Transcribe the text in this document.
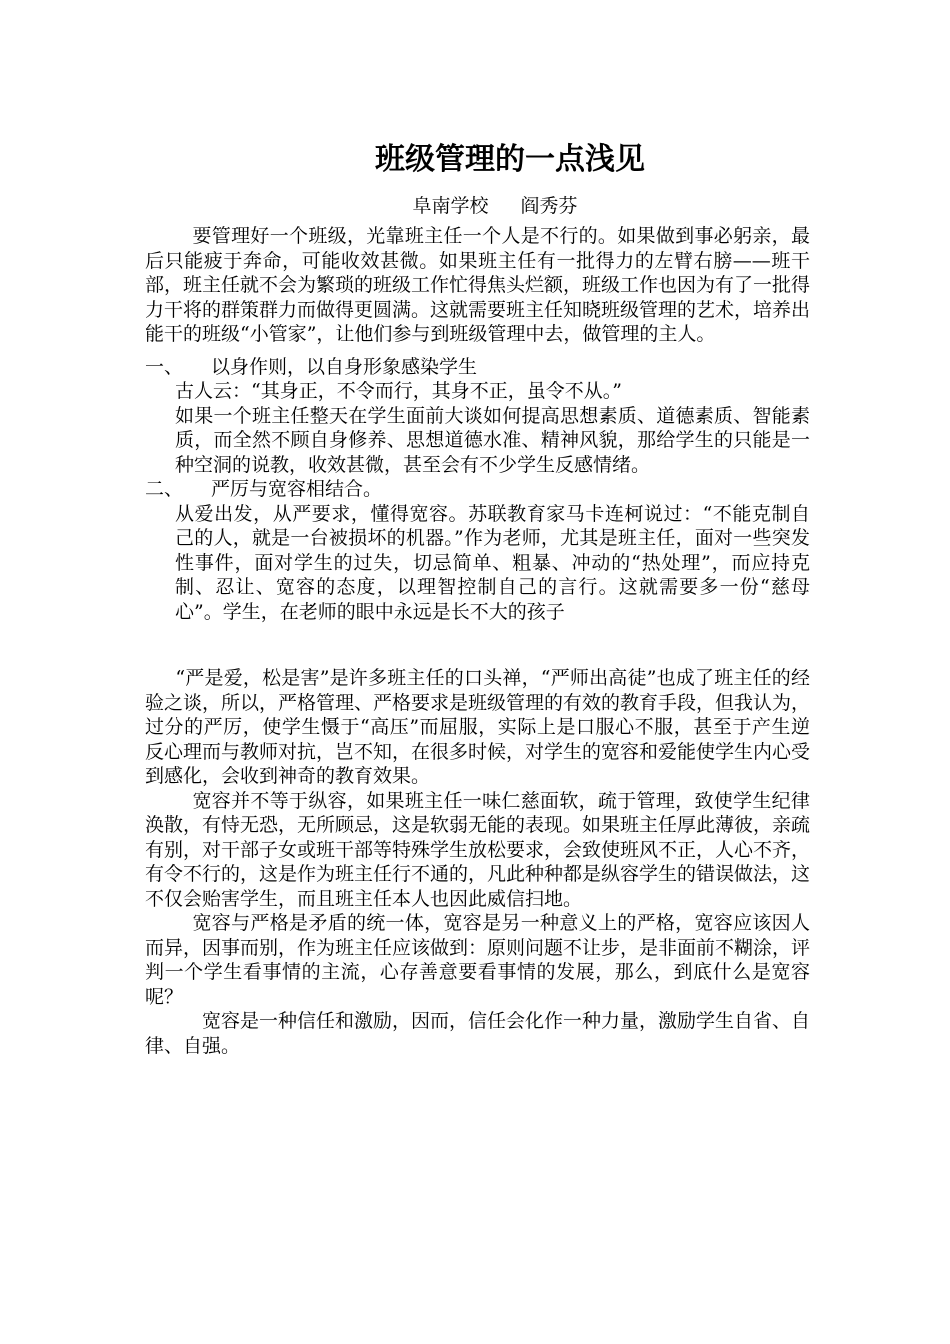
班级管理的一点浅见
阜南学校 阎秀芬

要管理好一个班级，光靠班主任一个人是不行的。如果做到事必躬亲，最后只能疲于奔命，可能收效甚微。如果班主任有一批得力的左臂右膀——班干部，班主任就不会为繁琐的班级工作忙得焦头烂额，班级工作也因为有了一批得力干将的群策群力而做得更圆满。这就需要班主任知晓班级管理的艺术，培养出能干的班级“小管家”，让他们参与到班级管理中去，做管理的主人。

一、	以身作则，以自身形象感染学生

古人云：“其身正，不令而行，其身不正，虽令不从。”

如果一个班主任整天在学生面前大谈如何提高思想素质、道德素质、智能素质，而全然不顾自身修养、思想道德水准、精神风貌，那给学生的只能是一种空洞的说教，收效甚微，甚至会有不少学生反感情绪。

二、	严厉与宽容相结合。

从爱出发，从严要求，懂得宽容。苏联教育家马卡连柯说过：“不能克制自己的人，就是一台被损坏的机器。”作为老师，尤其是班主任，面对一些突发性事件，面对学生的过失，切忌简单、粗暴、冲动的“热处理”，而应持克制、忍让、宽容的态度，以理智控制自己的言行。这就需要多一份“慈母心”。学生，在老师的眼中永远是长不大的孩子

“严是爱，松是害”是许多班主任的口头禅，“严师出高徒”也成了班主任的经验之谈，所以，严格管理、严格要求是班级管理的有效的教育手段，但我认为，过分的严厉，使学生慑于“高压”而屈服，实际上是口服心不服，甚至于产生逆反心理而与教师对抗，岂不知，在很多时候，对学生的宽容和爱能使学生内心受到感化，会收到神奇的教育效果。

宽容并不等于纵容，如果班主任一味仁慈面软，疏于管理，致使学生纪律涣散，有恃无恐，无所顾忌，这是软弱无能的表现。如果班主任厚此薄彼，亲疏有别，对干部子女或班干部等特殊学生放松要求，会致使班风不正，人心不齐，有令不行的，这是作为班主任行不通的，凡此种种都是纵容学生的错误做法，这不仅会贻害学生，而且班主任本人也因此威信扫地。

宽容与严格是矛盾的统一体，宽容是另一种意义上的严格，宽容应该因人而异，因事而别，作为班主任应该做到：原则问题不让步，是非面前不糊涂，评判一个学生看事情的主流，心存善意要看事情的发展，那么，到底什么是宽容呢？

宽容是一种信任和激励，因而，信任会化作一种力量，激励学生自省、自律、自强。
